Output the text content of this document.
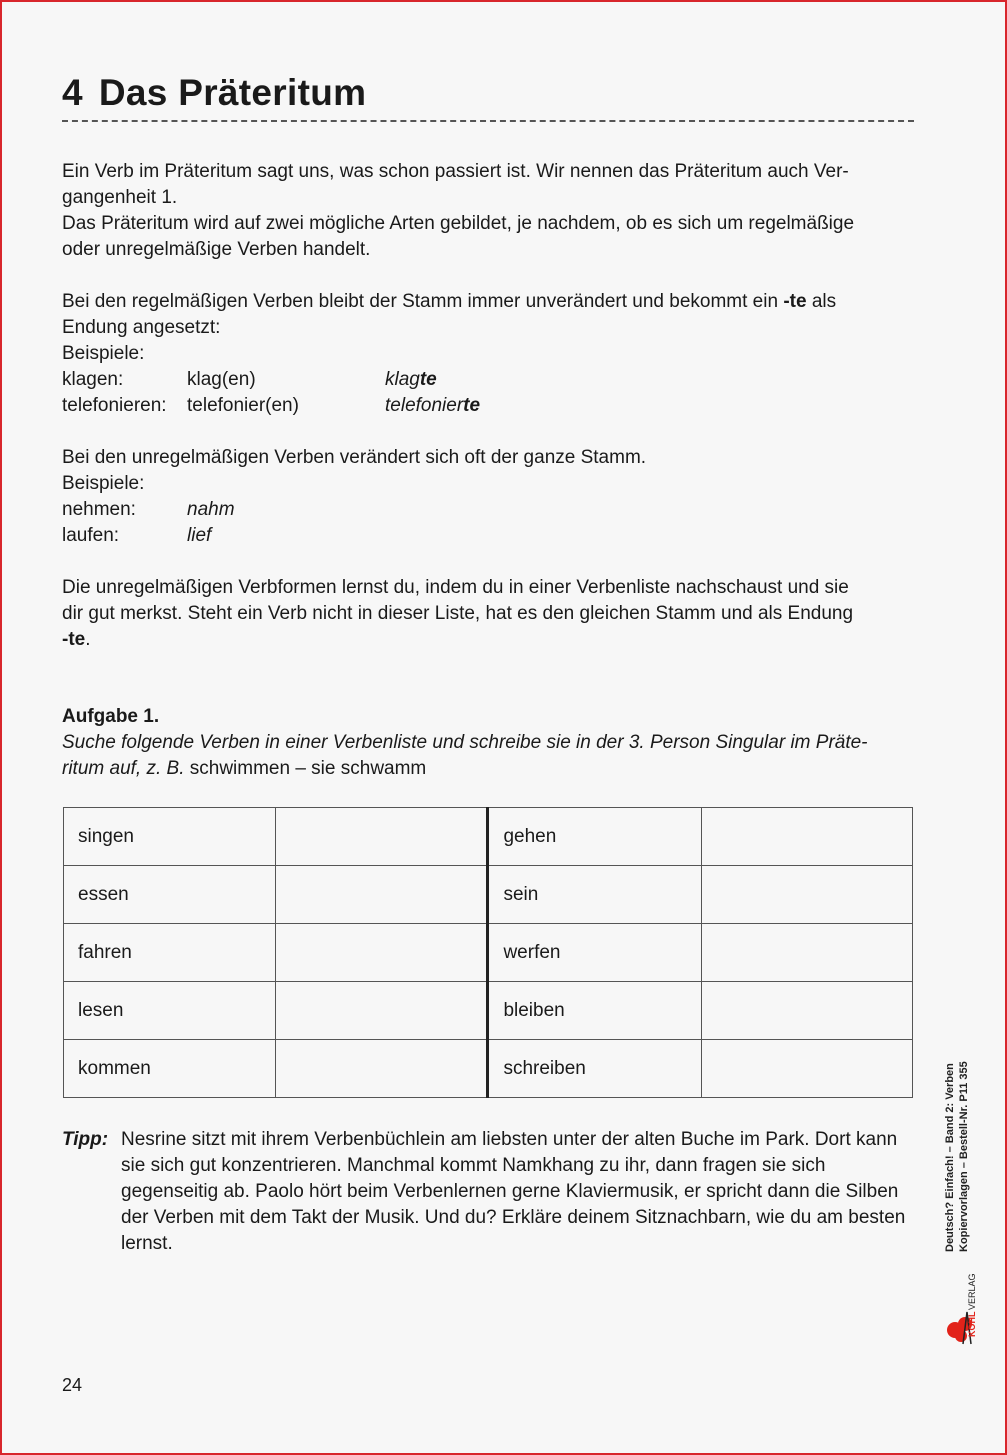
4 Das Präteritum
Ein Verb im Präteritum sagt uns, was schon passiert ist. Wir nennen das Präteritum auch Ver-
gangenheit 1.
Das Präteritum wird auf zwei mögliche Arten gebildet, je nachdem, ob es sich um regelmäßige
oder unregelmäßige Verben handelt.
Bei den regelmäßigen Verben bleibt der Stamm immer unverändert und bekommt ein -te als
Endung angesetzt:
Beispiele:
klagen:	klag(en)	klagte
telefonieren: telefonier(en)	telefonierte
Bei den unregelmäßigen Verben verändert sich oft der ganze Stamm.
Beispiele:
nehmen:	nahm
laufen:	lief
Die unregelmäßigen Verbformen lernst du, indem du in einer Verbenliste nachschaust und sie
dir gut merkst. Steht ein Verb nicht in dieser Liste, hat es den gleichen Stamm und als Endung
-te.
Aufgabe 1.
Suche folgende Verben in einer Verbenliste und schreibe sie in der 3. Person Singular im Präte-
ritum auf, z. B. schwimmen – sie schwamm
singen		gehen	
essen		sein	
fahren		werfen	
lesen		bleiben	
kommen		schreiben	
Tipp: Nesrine sitzt mit ihrem Verbenbüchlein am liebsten unter der alten Buche im Park. Dort kann sie sich gut konzentrieren. Manchmal kommt Namkhang zu ihr, dann fragen sie sich gegenseitig ab. Paolo hört beim Verbenlernen gerne Klaviermusik, er spricht dann die Silben der Verben mit dem Takt der Musik. Und du? Erkläre deinem Sitznachbarn, wie du am besten lernst.

24
Deutsch? Einfach! – Band 2: Verben Kopiervorlagen – Bestell-Nr. P11 355
KOHL
VERLAG
